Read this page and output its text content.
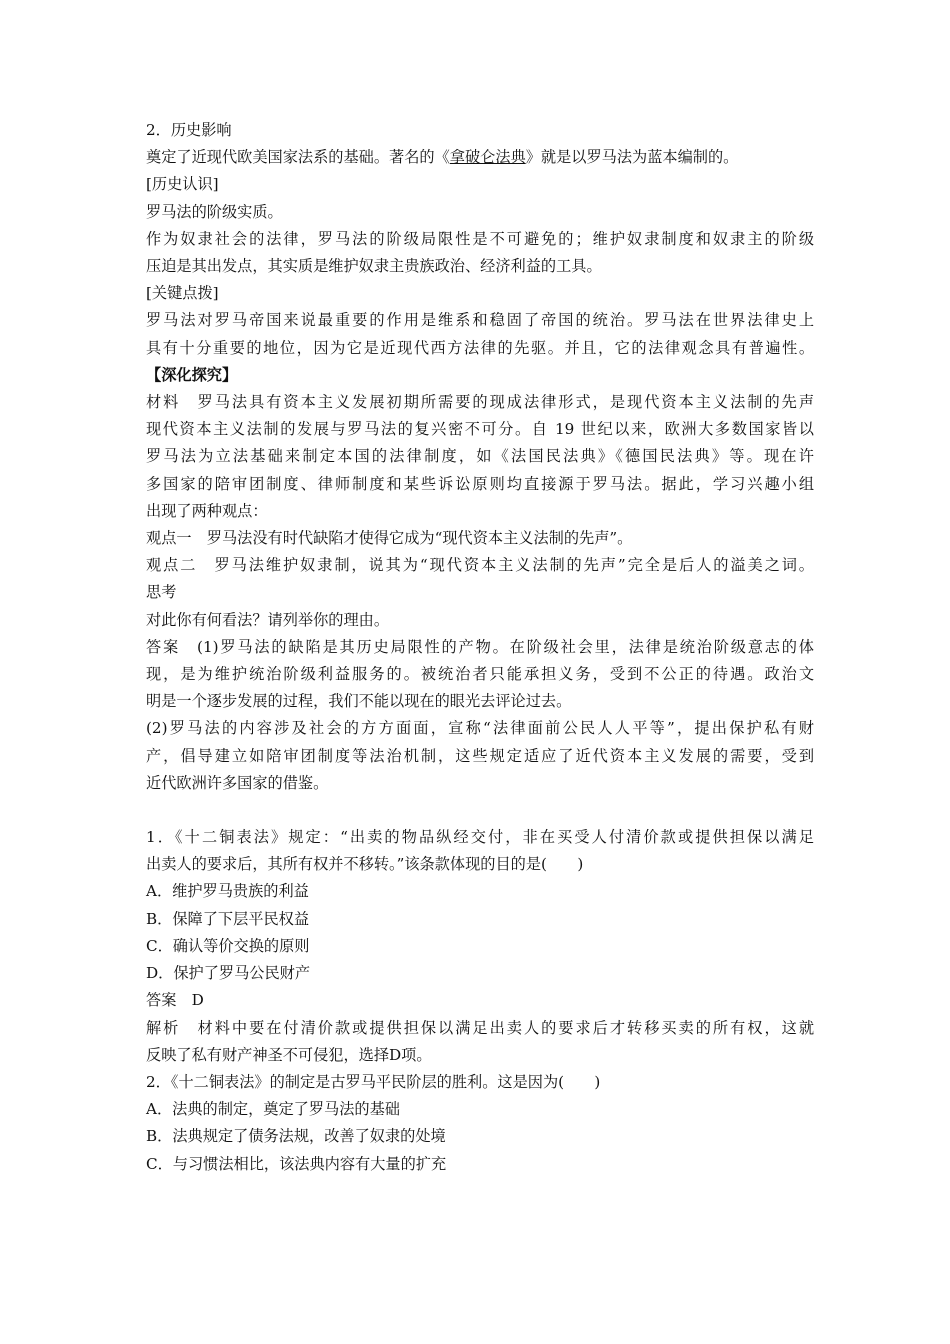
2．历史影响
奠定了近现代欧美国家法系的基础。著名的《拿破仑法典》就是以罗马法为蓝本编制的。
[历史认识]
罗马法的阶级实质。
作为奴隶社会的法律，罗马法的阶级局限性是不可避免的；维护奴隶制度和奴隶主的阶级
压迫是其出发点，其实质是维护奴隶主贵族政治、经济利益的工具。
[关键点拨]
罗马法对罗马帝国来说最重要的作用是维系和稳固了帝国的统治。罗马法在世界法律史上
具有十分重要的地位，因为它是近现代西方法律的先驱。并且，它的法律观念具有普遍性。
【深化探究】
材料　罗马法具有资本主义发展初期所需要的现成法律形式，是现代资本主义法制的先声
现代资本主义法制的发展与罗马法的复兴密不可分。自 19 世纪以来，欧洲大多数国家皆以
罗马法为立法基础来制定本国的法律制度，如《法国民法典》《德国民法典》等。现在许
多国家的陪审团制度、律师制度和某些诉讼原则均直接源于罗马法。据此，学习兴趣小组
出现了两种观点：
观点一　罗马法没有时代缺陷才使得它成为“现代资本主义法制的先声”。
观点二　罗马法维护奴隶制，说其为“现代资本主义法制的先声”完全是后人的溢美之词。
思考
对此你有何看法？请列举你的理由。
答案　(1)罗马法的缺陷是其历史局限性的产物。在阶级社会里，法律是统治阶级意志的体
现，是为维护统治阶级利益服务的。被统治者只能承担义务，受到不公正的待遇。政治文
明是一个逐步发展的过程，我们不能以现在的眼光去评论过去。
(2)罗马法的内容涉及社会的方方面面，宣称“法律面前公民人人平等”，提出保护私有财
产，倡导建立如陪审团制度等法治机制，这些规定适应了近代资本主义发展的需要，受到
近代欧洲许多国家的借鉴。
1．《十二铜表法》规定：“出卖的物品纵经交付，非在买受人付清价款或提供担保以满足
出卖人的要求后，其所有权并不移转。”该条款体现的目的是(　　)
A．维护罗马贵族的利益
B．保障了下层平民权益
C．确认等价交换的原则
D．保护了罗马公民财产
答案　D
解析　材料中要在付清价款或提供担保以满足出卖人的要求后才转移买卖的所有权，这就
反映了私有财产神圣不可侵犯，选择D项。
2．《十二铜表法》的制定是古罗马平民阶层的胜利。这是因为(　　)
A．法典的制定，奠定了罗马法的基础
B．法典规定了债务法规，改善了奴隶的处境
C．与习惯法相比，该法典内容有大量的扩充
